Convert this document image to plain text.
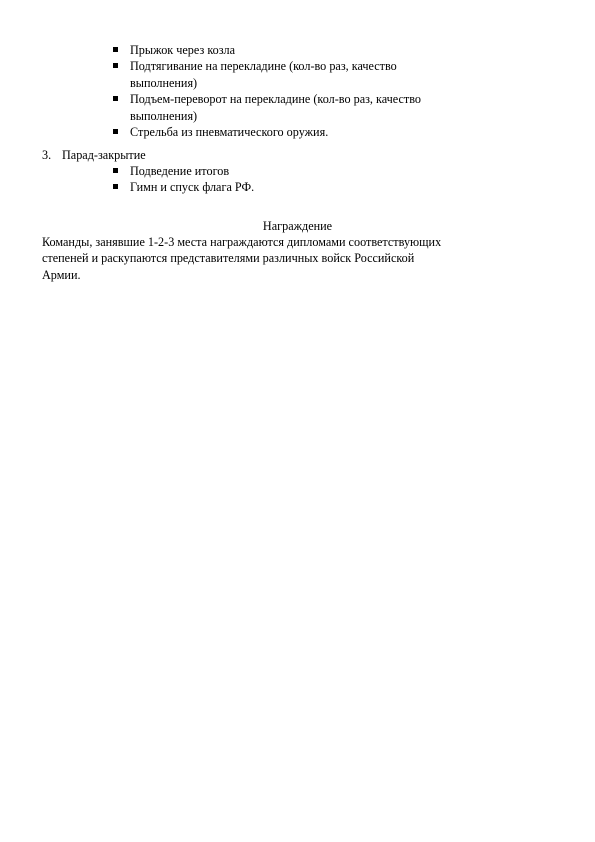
Прыжок через козла
Подтягивание на перекладине (кол-во раз, качество
выполнения)
Подъем-переворот на перекладине (кол-во раз, качество
выполнения)
Стрельба из пневматического оружия.
3. Парад-закрытие
Подведение итогов
Гимн и спуск флага РФ.
Награждение
Команды, занявшие 1-2-3 места награждаются дипломами соответствующих
степеней и раскупаются представителями различных войск Российской
Армии.
